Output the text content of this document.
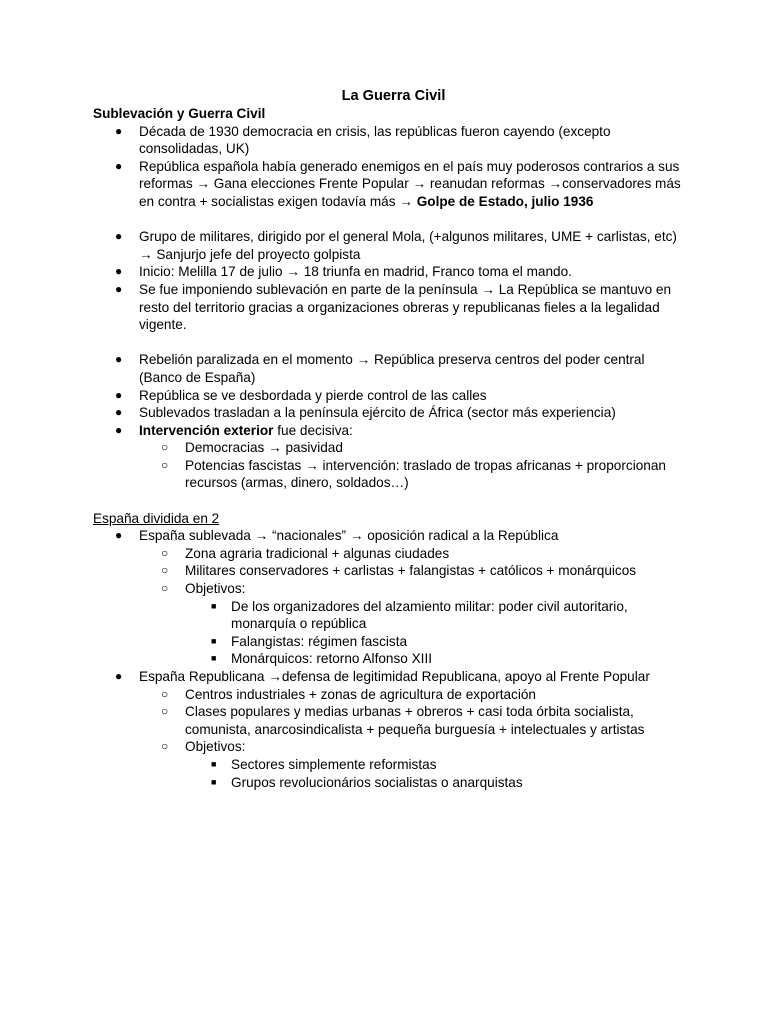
La Guerra Civil

Sublevación y Guerra Civil

● Década de 1930 democracia en crisis, las repúblicas fueron cayendo (excepto consolidadas, UK)
● República española había generado enemigos en el país muy poderosos contrarios a sus reformas → Gana elecciones Frente Popular → reanudan reformas →conservadores más en contra + socialistas exigen todavía más → Golpe de Estado, julio 1936
● Grupo de militares, dirigido por el general Mola, (+algunos militares, UME + carlistas, etc) → Sanjurjo jefe del proyecto golpista
● Inicio: Melilla 17 de julio → 18 triunfa en madrid, Franco toma el mando.
● Se fue imponiendo sublevación en parte de la península → La República se mantuvo en resto del territorio gracias a organizaciones obreras y republicanas fieles a la legalidad vigente.
● Rebelión paralizada en el momento → República preserva centros del poder central (Banco de España)
● República se ve desbordada y pierde control de las calles
● Sublevados trasladan a la península ejército de África (sector más experiencia)
● Intervención exterior fue decisiva:
○ Democracias → pasividad
○ Potencias fascistas → intervención: traslado de tropas africanas + proporcionan recursos (armas, dinero, soldados…)

España dividida en 2

● España sublevada → “nacionales” → oposición radical a la República
○ Zona agraria tradicional + algunas ciudades
○ Militares conservadores + carlistas + falangistas + católicos + monárquicos
○ Objetivos:
■ De los organizadores del alzamiento militar: poder civil autoritario, monarquía o república
■ Falangistas: régimen fascista
■ Monárquicos: retorno Alfonso XIII
● España Republicana →defensa de legitimidad Republicana, apoyo al Frente Popular
○ Centros industriales + zonas de agricultura de exportación
○ Clases populares y medias urbanas + obreros + casi toda órbita socialista, comunista, anarcosindicalista + pequeña burguesía + intelectuales y artistas
○ Objetivos:
■ Sectores simplemente reformistas
■ Grupos revolucionários socialistas o anarquistas
